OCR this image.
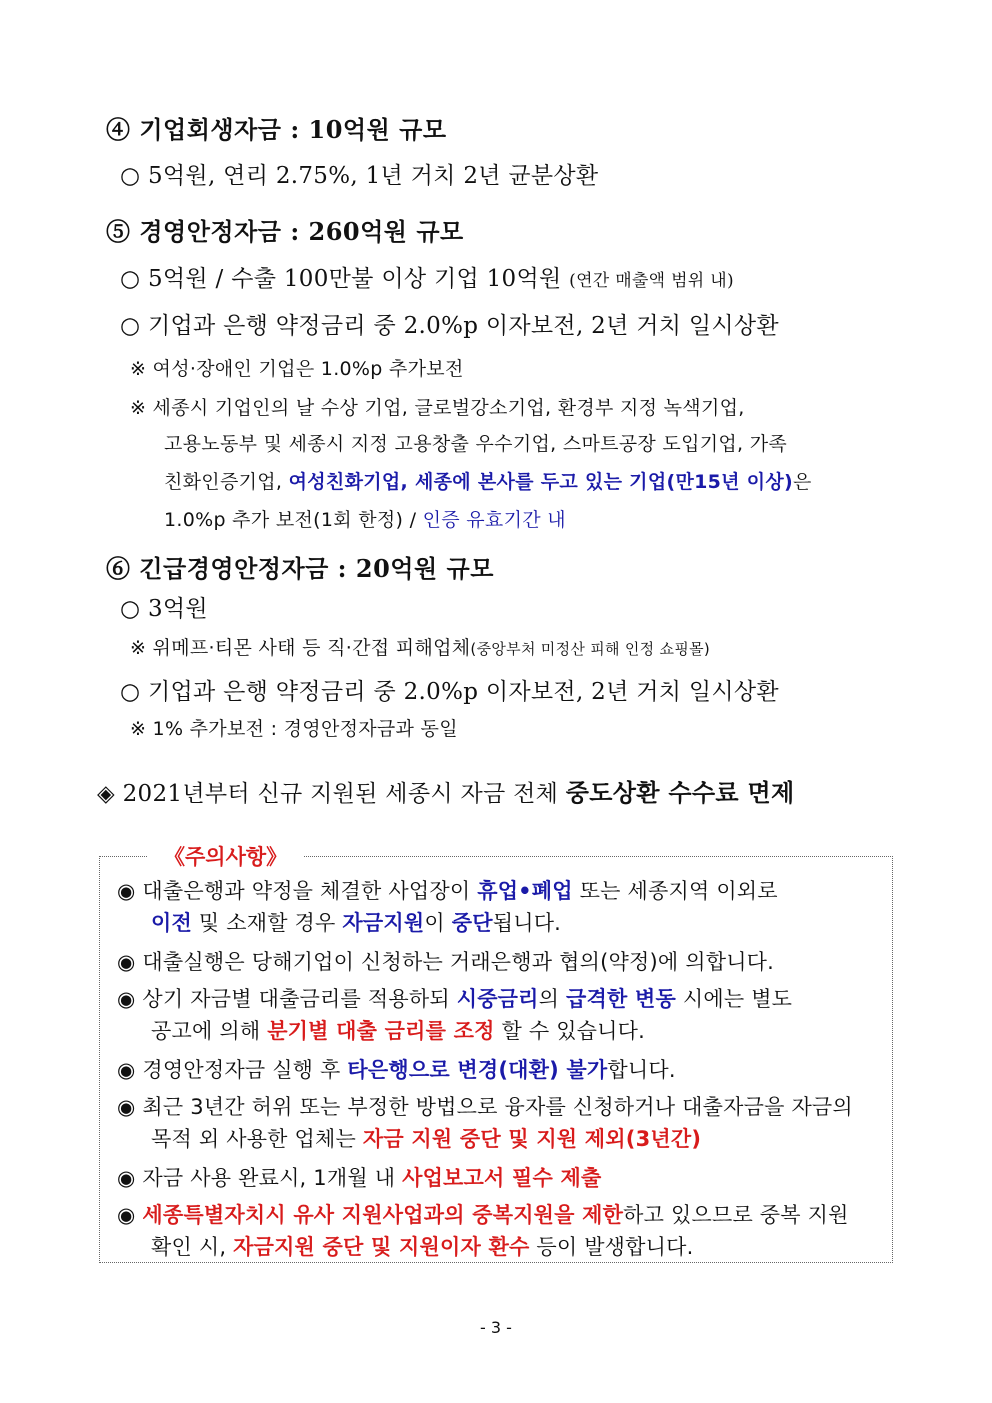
④ 기업회생자금 : 10억원 규모
○ 5억원, 연리 2.75%, 1년 거치 2년 균분상환
⑤ 경영안정자금 : 260억원 규모
○ 5억원 / 수출 100만불 이상 기업 10억원 (연간 매출액 범위 내)
○ 기업과 은행 약정금리 중 2.0%p 이자보전, 2년 거치 일시상환
※ 여성·장애인 기업은 1.0%p 추가보전
※ 세종시 기업인의 날 수상 기업, 글로벌강소기업, 환경부 지정 녹색기업,
고용노동부 및 세종시 지정 고용창출 우수기업, 스마트공장 도입기업, 가족
친화인증기업, 여성친화기업, 세종에 본사를 두고 있는 기업(만15년 이상)은
1.0%p 추가 보전(1회 한정) / 인증 유효기간 내
⑥ 긴급경영안정자금 : 20억원 규모
○ 3억원
※ 위메프·티몬 사태 등 직·간접 피해업체(중앙부처 미정산 피해 인정 쇼핑몰)
○ 기업과 은행 약정금리 중 2.0%p 이자보전, 2년 거치 일시상환
※ 1% 추가보전 : 경영안정자금과 동일
◈ 2021년부터 신규 지원된 세종시 자금 전체 중도상환 수수료 면제
《주의사항》
◉ 대출은행과 약정을 체결한 사업장이 휴업•폐업 또는 세종지역 이외로
이전 및 소재할 경우 자금지원이 중단됩니다.
◉ 대출실행은 당해기업이 신청하는 거래은행과 협의(약정)에 의합니다.
◉ 상기 자금별 대출금리를 적용하되 시중금리의 급격한 변동 시에는 별도
공고에 의해 분기별 대출 금리를 조정 할 수 있습니다.
◉ 경영안정자금 실행 후 타은행으로 변경(대환) 불가합니다.
◉ 최근 3년간 허위 또는 부정한 방법으로 융자를 신청하거나 대출자금을 자금의
목적 외 사용한 업체는 자금 지원 중단 및 지원 제외(3년간)
◉ 자금 사용 완료시, 1개월 내 사업보고서 필수 제출
◉ 세종특별자치시 유사 지원사업과의 중복지원을 제한하고 있으므로 중복 지원
확인 시, 자금지원 중단 및 지원이자 환수 등이 발생합니다.
- 3 -
